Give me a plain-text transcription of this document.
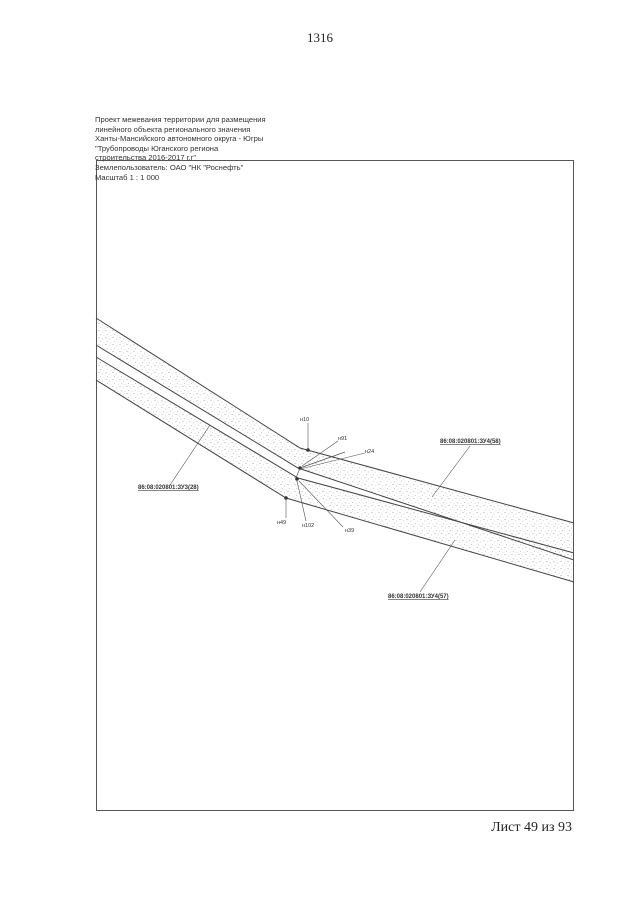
1316
Проект межевания территории для размещения
линейного объекта регионального значения
Ханты-Мансийского автономного округа - Югры
"Трубопроводы Юганского региона
строительства 2016-2017 г.г"
Землепользователь: ОАО "НК "Роснефть"
Масштаб 1 : 1 000
н10
н91
н24
н49	н102
н39
86:08:020801:ЗУ3(28)
86:08:020801:ЗУ4(58)
86:08:020801:ЗУ4(57)
Лист 49 из 93
